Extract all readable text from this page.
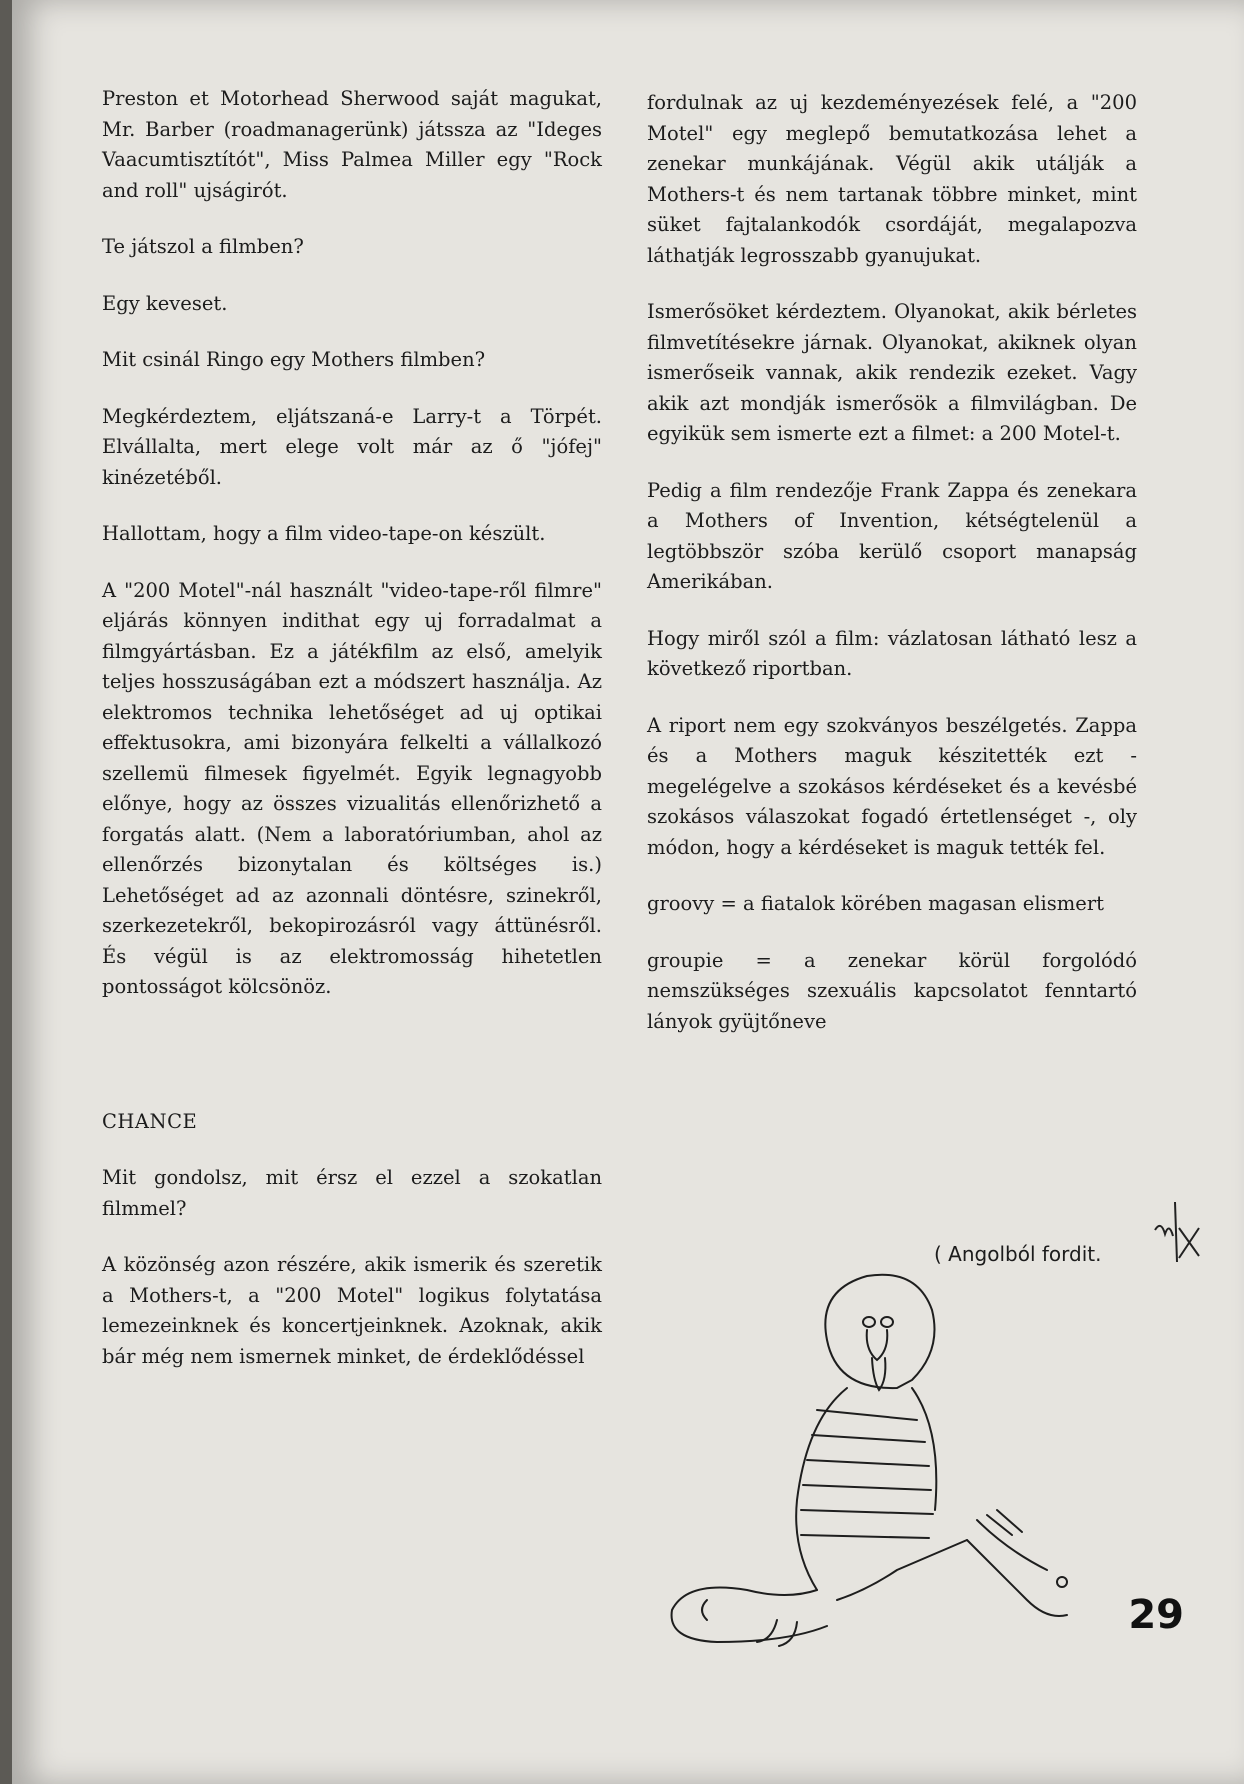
Preston et Motorhead Sherwood saját magukat, Mr. Barber (roadmanagerünk) játssza az "Ideges Vaacumtisztítót", Miss Palmea Miller egy "Rock and roll" ujságirót.

Te játszol a filmben?

Egy keveset.

Mit csinál Ringo egy Mothers filmben?

Megkérdeztem, eljátszaná-e Larry-t a Törpét. Elvállalta, mert elege volt már az ő "jófej" kinézetéből.

Hallottam, hogy a film video-tape-on készült.

A "200 Motel"-nál használt "video-tape-ről filmre" eljárás könnyen indithat egy uj forradalmat a filmgyártásban. Ez a játékfilm az első, amelyik teljes hosszuságában ezt a módszert használja. Az elektromos technika lehetőséget ad uj optikai effektusokra, ami bizonyára felkelti a vállalkozó szellemü filmesek figyelmét. Egyik legnagyobb előnye, hogy az összes vizualitás ellenőrizhető a forgatás alatt. (Nem a laboratóriumban, ahol az ellenőrzés bizonytalan és költséges is.) Lehetőséget ad az azonnali döntésre, szinekről, szerkezetekről, bekopirozásról vagy áttünésről. És végül is az elektromosság hihetetlen pontosságot kölcsönöz.

CHANCE

Mit gondolsz, mit érsz el ezzel a szokatlan filmmel?

A közönség azon részére, akik ismerik és szeretik a Mothers-t, a "200 Motel" logikus folytatása lemezeinknek és koncertjeinknek. Azoknak, akik bár még nem ismernek minket, de érdeklődéssel

fordulnak az uj kezdeményezések felé, a "200 Motel" egy meglepő bemutatkozása lehet a zenekar munkájának. Végül akik utálják a Mothers-t és nem tartanak többre minket, mint süket fajtalankodók csordáját, megalapozva láthatják legrosszabb gyanujukat.

Ismerősöket kérdeztem. Olyanokat, akik bérletes filmvetítésekre járnak. Olyanokat, akiknek olyan ismerőseik vannak, akik rendezik ezeket. Vagy akik azt mondják ismerősök a filmvilágban. De egyikük sem ismerte ezt a filmet: a 200 Motel-t.

Pedig a film rendezője Frank Zappa és zenekara a Mothers of Invention, kétségtelenül a legtöbbször szóba kerülő csoport manapság Amerikában.

Hogy miről szól a film: vázlatosan látható lesz a következő riportban.

A riport nem egy szokványos beszélgetés. Zappa és a Mothers maguk készitették ezt - megelégelve a szokásos kérdéseket és a kevésbé szokásos válaszokat fogadó értetlenséget -, oly módon, hogy a kérdéseket is maguk tették fel.

groovy = a fiatalok körében magasan elismert

groupie = a zenekar körül forgolódó nemszükséges szexuális kapcsolatot fenntartó lányok gyüjtőneve

( Angolból fordit.
29
